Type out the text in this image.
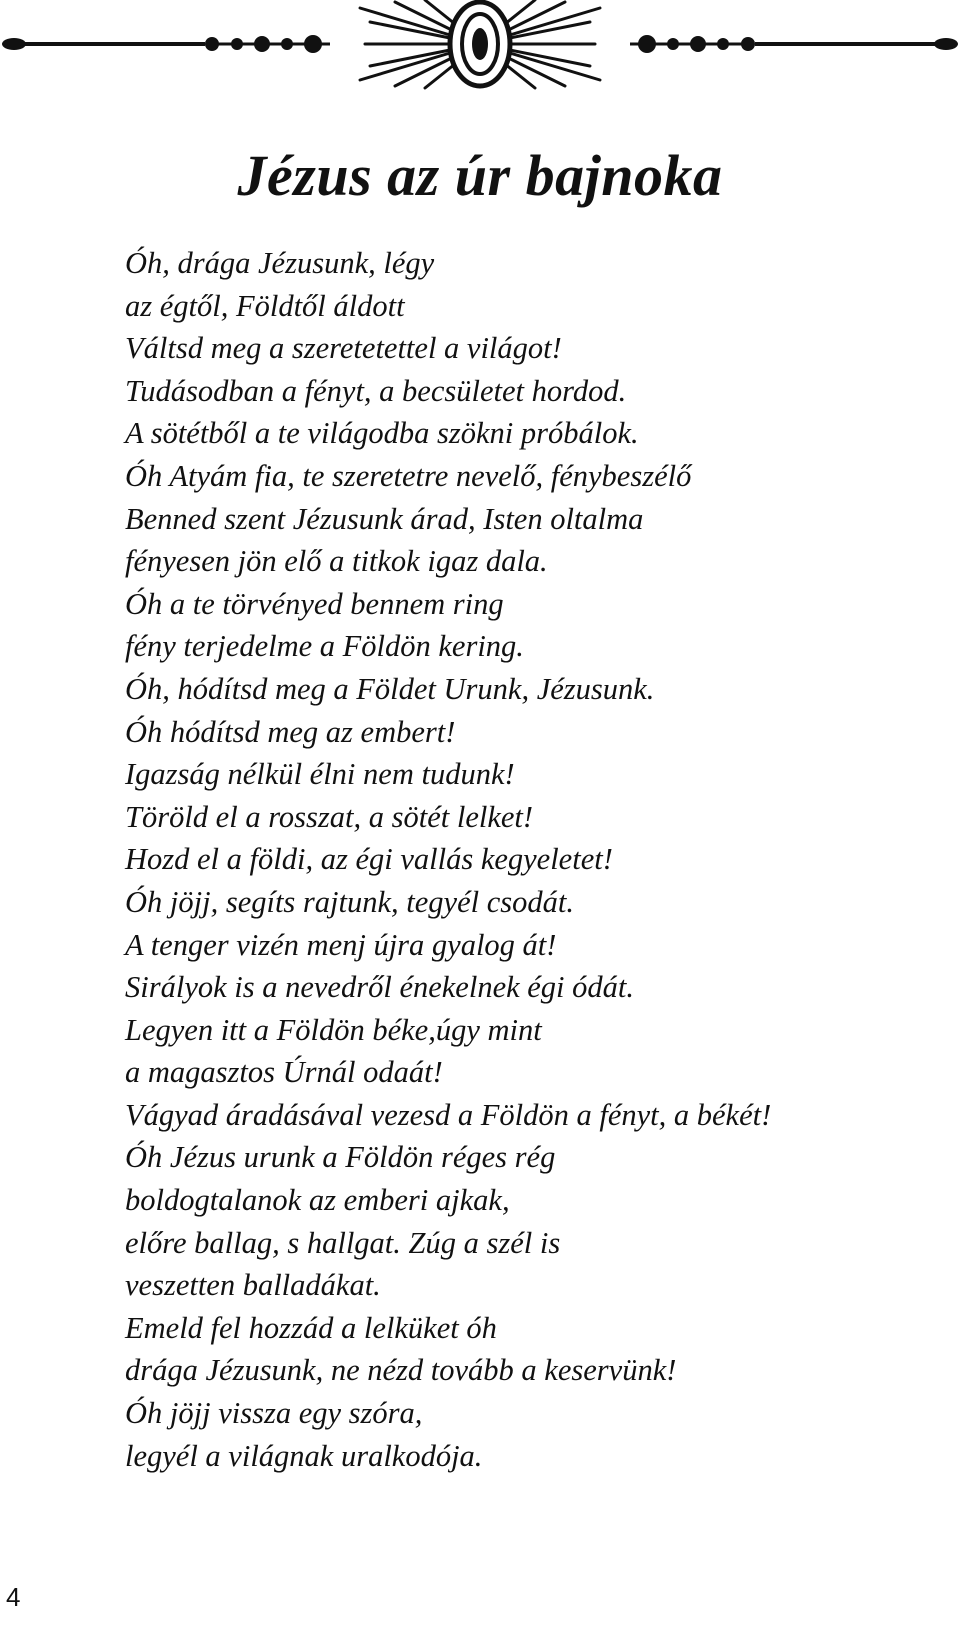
Jézus az úr bajnoka
Óh, drága Jézusunk, légy
az égtől, Földtől áldott
Váltsd meg a szeretetettel a világot!
Tudásodban a fényt, a becsületet hordod.
A sötétből a te világodba szökni próbálok.
Óh Atyám fia, te szeretetre nevelő, fénybeszélő
Benned szent Jézusunk árad, Isten oltalma
fényesen jön elő a titkok igaz dala.
Óh a te törvényed bennem ring
fény terjedelme a Földön kering.
Óh, hódítsd meg a Földet Urunk, Jézusunk.
Óh hódítsd meg az embert!
Igazság nélkül élni nem tudunk!
Töröld el a rosszat, a sötét lelket!
Hozd el a földi, az égi vallás kegyeletet!
Óh jöjj, segíts rajtunk, tegyél csodát.
A tenger vizén menj újra gyalog át!
Sirályok is a nevedről énekelnek égi ódát.
Legyen itt a Földön béke,úgy mint
a magasztos Úrnál odaát!
Vágyad áradásával vezesd a Földön a fényt, a békét!
Óh Jézus urunk a Földön réges rég
boldogtalanok az emberi ajkak,
előre ballag, s hallgat. Zúg a szél is
veszetten balladákat.
Emeld fel hozzád a lelküket óh
drága Jézusunk, ne nézd tovább a keservünk!
Óh jöjj vissza egy szóra,
legyél a világnak uralkodója.
4
